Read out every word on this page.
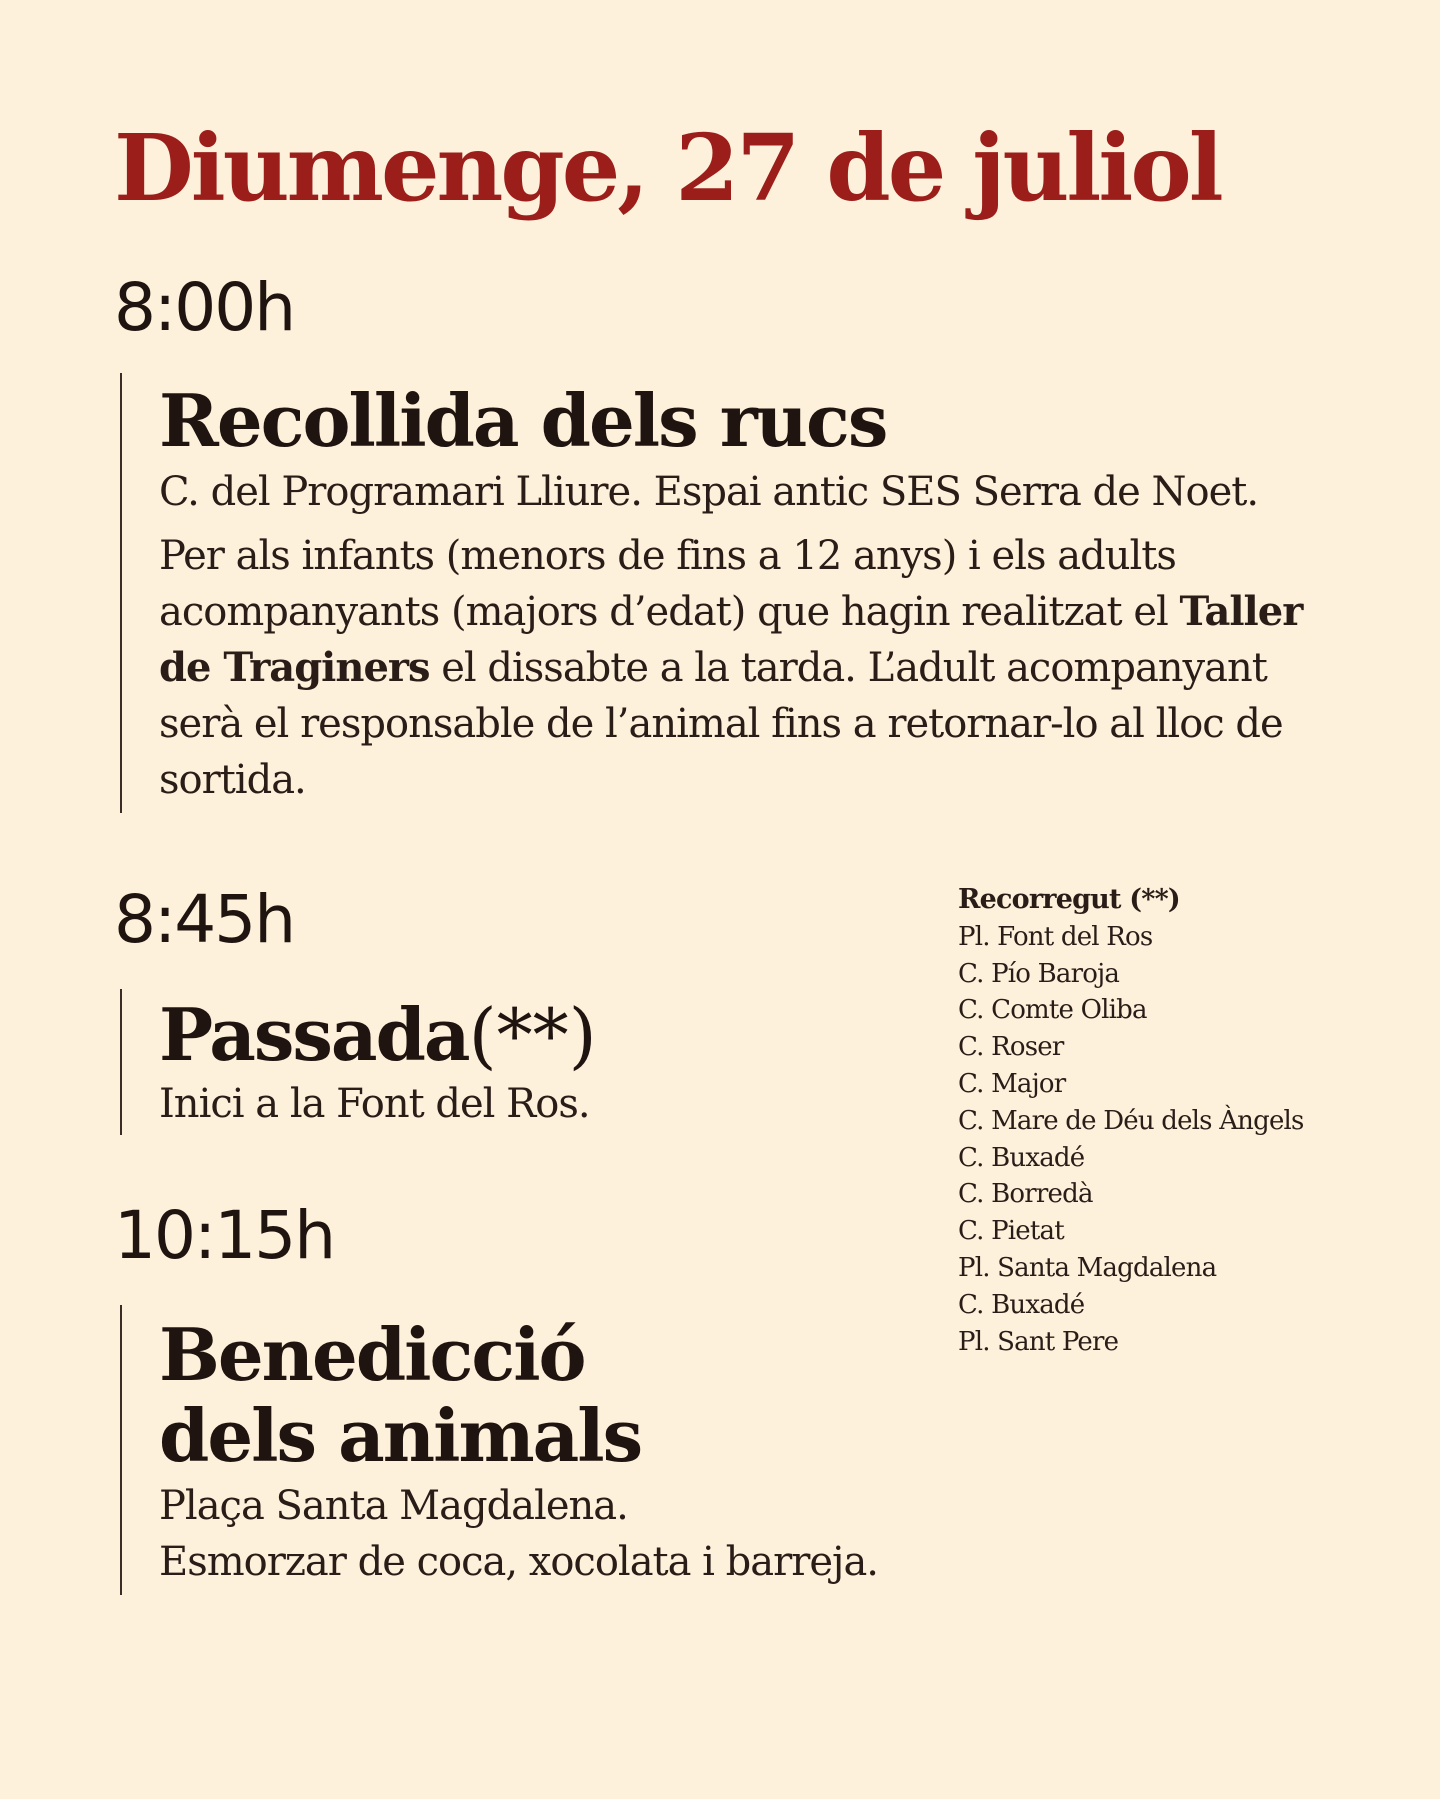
Diumenge, 27 de juliol
8:00h
Recollida dels rucs

C. del Programari Lliure. Espai antic SES Serra de Noet.

Per als infants (menors de fins a 12 anys) i els adults acompanyants (majors d’edat) que hagin realitzat el Taller de Traginers el dissabte a la tarda. L’adult acompanyant serà el responsable de l’animal fins a retornar-lo al lloc de sortida.

8:45h
Passada(**)

Inici a la Font del Ros.

10:15h
Benedicció
dels animals

Plaça Santa Magdalena.

Esmorzar de coca, xocolata i barreja.

Recorregut (**)
Pl. Font del Ros
C. Pío Baroja
C. Comte Oliba
C. Roser
C. Major
C. Mare de Déu dels Àngels
C. Buxadé
C. Borredà
C. Pietat
Pl. Santa Magdalena
C. Buxadé
Pl. Sant Pere
